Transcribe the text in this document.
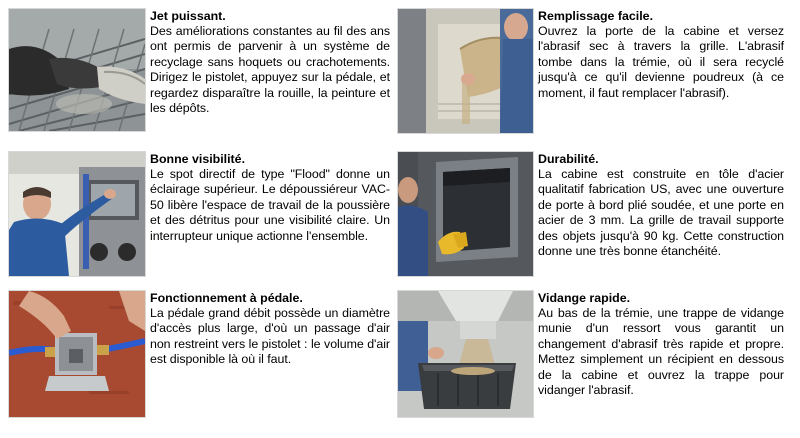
Jet puissant.

Des améliorations constantes au fil des ans ont permis de parvenir à un système de recyclage sans hoquets ou crachotements. Dirigez le pistolet, appuyez sur la pédale, et regardez disparaître la rouille, la peinture et les dépôts.

Remplissage facile.

Ouvrez la porte de la cabine et versez l'abrasif sec à travers la grille. L'abrasif tombe dans la trémie, où il sera recyclé jusqu'à ce qu'il devienne poudreux (à ce moment, il faut remplacer l'abrasif).

Bonne visibilité.

Le spot directif de type "Flood" donne un éclairage supérieur. Le dépoussiéreur VAC-50 libère l'espace de travail de la poussière et des détritus pour une visibilité claire. Un interrupteur unique actionne l'ensemble.

Durabilité.

La cabine est construite en tôle d'acier qualitatif fabrication US, avec une ouverture de porte à bord plié soudée, et une porte en acier de 3 mm. La grille de travail supporte des objets jusqu'à 90 kg. Cette construction donne une très bonne étanchéité.

Fonctionnement à pédale.

La pédale grand débit possède un diamètre d'accès plus large, d'où un passage d'air non restreint vers le pistolet : le volume d'air est disponible là où il faut.

Vidange rapide.

Au bas de la trémie, une trappe de vidange munie d'un ressort vous garantit un changement d'abrasif très rapide et propre. Mettez simplement un récipient en dessous de la cabine et ouvrez la trappe pour vidanger l'abrasif.
